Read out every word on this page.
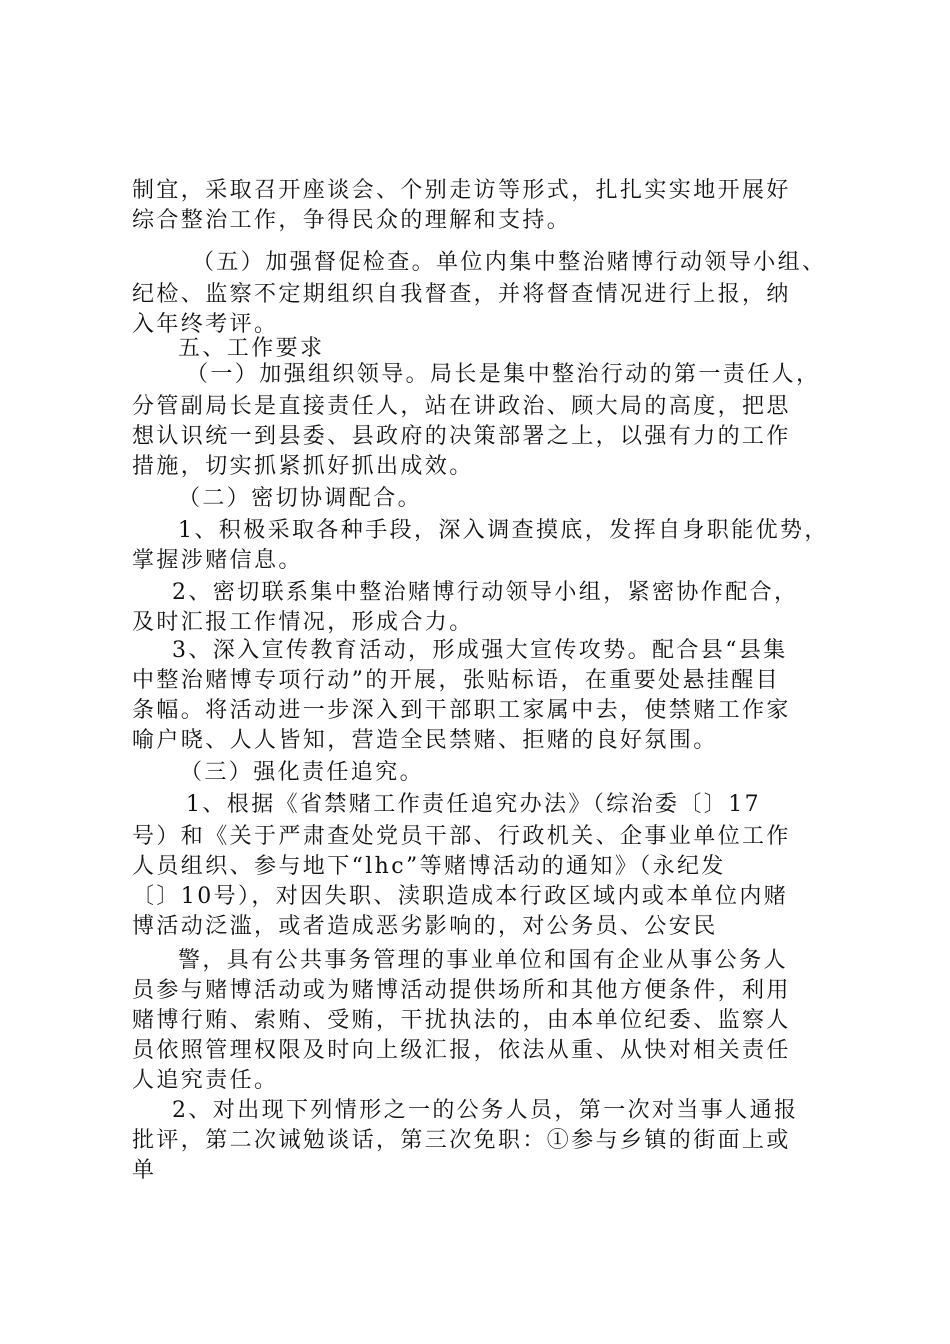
制宜，采取召开座谈会、个别走访等形式，扎扎实实地开展好
综合整治工作，争得民众的理解和支持。
（五）加强督促检查。单位内集中整治赌博行动领导小组、
纪检、监察不定期组织自我督查，并将督查情况进行上报，纳
入年终考评。
五、工作要求
（一）加强组织领导。局长是集中整治行动的第一责任人，
分管副局长是直接责任人，站在讲政治、顾大局的高度，把思
想认识统一到县委、县政府的决策部署之上，以强有力的工作
措施，切实抓紧抓好抓出成效。
（二）密切协调配合。
1、积极采取各种手段，深入调查摸底，发挥自身职能优势，
掌握涉赌信息。
2、密切联系集中整治赌博行动领导小组，紧密协作配合，
及时汇报工作情况，形成合力。
3、深入宣传教育活动，形成强大宣传攻势。配合县“县集
中整治赌博专项行动”的开展，张贴标语，在重要处悬挂醒目
条幅。将活动进一步深入到干部职工家属中去，使禁赌工作家
喻户晓、人人皆知，营造全民禁赌、拒赌的良好氛围。
（三）强化责任追究。
1、根据《省禁赌工作责任追究办法》（综治委〔〕17
号）和《关于严肃查处党员干部、行政机关、企事业单位工作
人员组织、参与地下“lhc”等赌博活动的通知》（永纪发
〔〕10号），对因失职、渎职造成本行政区域内或本单位内赌
博活动泛滥，或者造成恶劣影响的，对公务员、公安民
警，具有公共事务管理的事业单位和国有企业从事公务人
员参与赌博活动或为赌博活动提供场所和其他方便条件，利用
赌博行贿、索贿、受贿，干扰执法的，由本单位纪委、监察人
员依照管理权限及时向上级汇报，依法从重、从快对相关责任
人追究责任。
2、对出现下列情形之一的公务人员，第一次对当事人通报
批评，第二次诫勉谈话，第三次免职：①参与乡镇的街面上或
单
